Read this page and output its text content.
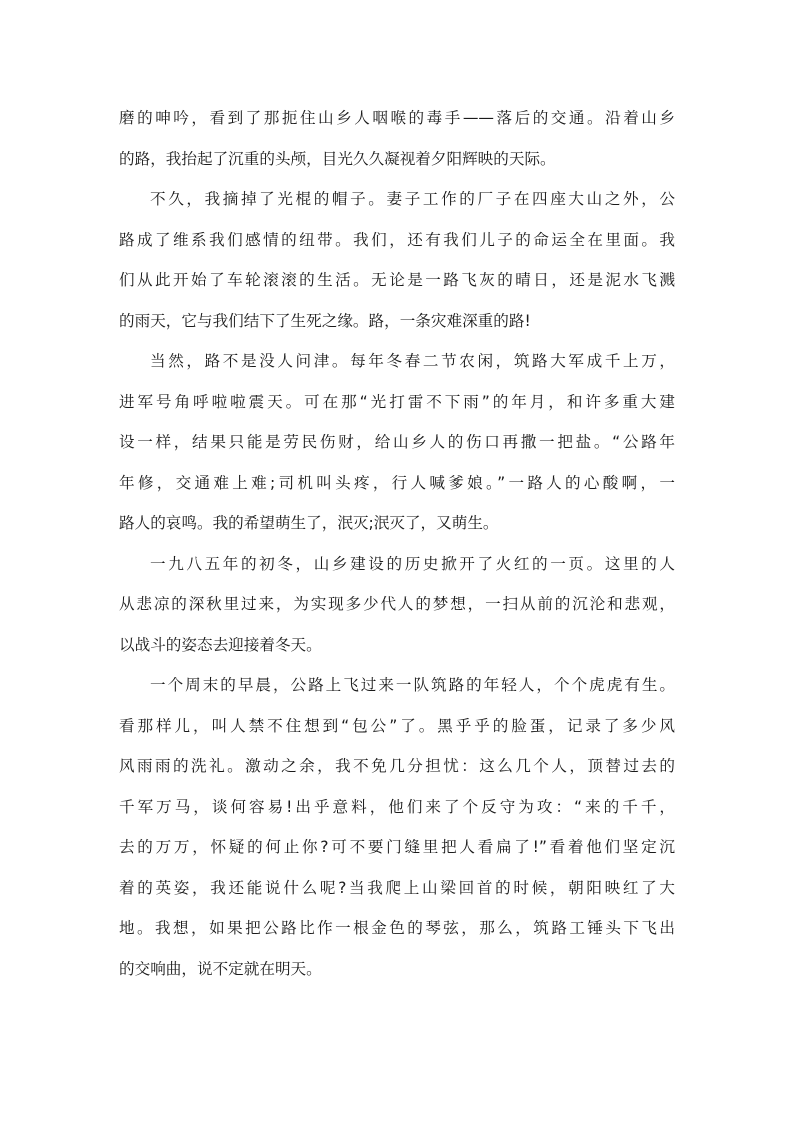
磨的呻吟，看到了那扼住山乡人咽喉的毒手——落后的交通。沿着山乡
的路，我抬起了沉重的头颅，目光久久凝视着夕阳辉映的天际。
不久，我摘掉了光棍的帽子。妻子工作的厂子在四座大山之外，公
路成了维系我们感情的纽带。我们，还有我们儿子的命运全在里面。我
们从此开始了车轮滚滚的生活。无论是一路飞灰的晴日，还是泥水飞溅
的雨天，它与我们结下了生死之缘。路，一条灾难深重的路!
当然，路不是没人问津。每年冬春二节农闲，筑路大军成千上万，
进军号角呼啦啦震天。可在那“光打雷不下雨”的年月，和许多重大建
设一样，结果只能是劳民伤财，给山乡人的伤口再撒一把盐。“公路年
年修，交通难上难;司机叫头疼，行人喊爹娘。”一路人的心酸啊，一
路人的哀鸣。我的希望萌生了，泯灭;泯灭了，又萌生。
一九八五年的初冬，山乡建设的历史掀开了火红的一页。这里的人
从悲凉的深秋里过来，为实现多少代人的梦想，一扫从前的沉沦和悲观，
以战斗的姿态去迎接着冬天。
一个周末的早晨，公路上飞过来一队筑路的年轻人，个个虎虎有生。
看那样儿，叫人禁不住想到“包公”了。黑乎乎的脸蛋，记录了多少风
风雨雨的洗礼。激动之余，我不免几分担忧：这么几个人，顶替过去的
千军万马，谈何容易!出乎意料，他们来了个反守为攻：“来的千千，
去的万万，怀疑的何止你?可不要门缝里把人看扁了!”看着他们坚定沉
着的英姿，我还能说什么呢?当我爬上山梁回首的时候，朝阳映红了大
地。我想，如果把公路比作一根金色的琴弦，那么，筑路工锤头下飞出
的交响曲，说不定就在明天。
